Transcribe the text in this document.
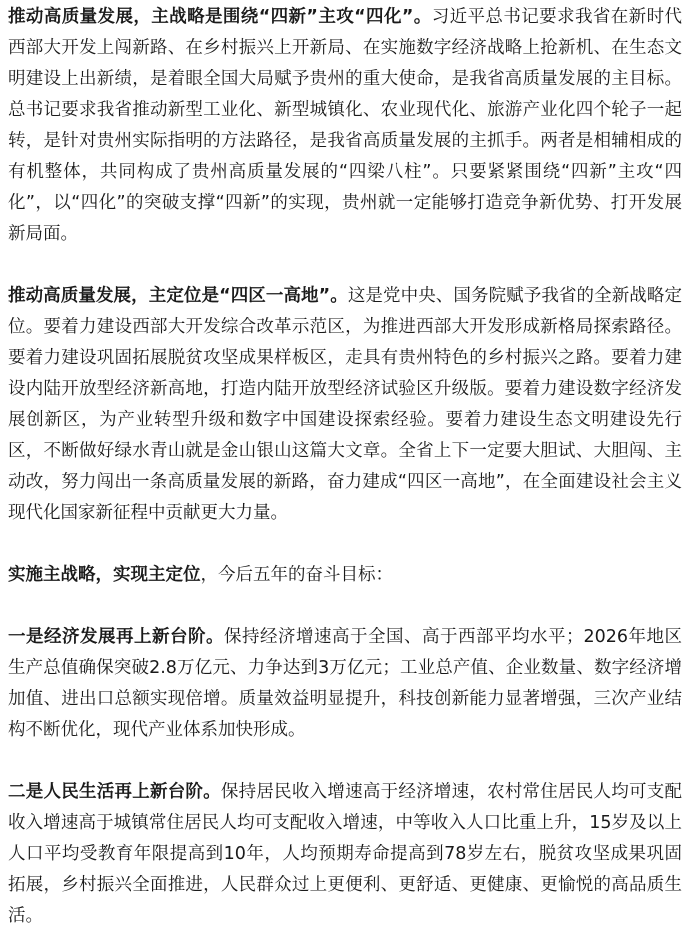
推动高质量发展，主战略是围绕“四新”主攻“四化”。习近平总书记要求我省在新时代西部大开发上闯新路、在乡村振兴上开新局、在实施数字经济战略上抢新机、在生态文明建设上出新绩，是着眼全国大局赋予贵州的重大使命，是我省高质量发展的主目标。总书记要求我省推动新型工业化、新型城镇化、农业现代化、旅游产业化四个轮子一起转，是针对贵州实际指明的方法路径，是我省高质量发展的主抓手。两者是相辅相成的有机整体，共同构成了贵州高质量发展的“四梁八柱”。只要紧紧围绕“四新”主攻“四化”，以“四化”的突破支撑“四新”的实现，贵州就一定能够打造竞争新优势、打开发展新局面。

推动高质量发展，主定位是“四区一高地”。这是党中央、国务院赋予我省的全新战略定位。要着力建设西部大开发综合改革示范区，为推进西部大开发形成新格局探索路径。要着力建设巩固拓展脱贫攻坚成果样板区，走具有贵州特色的乡村振兴之路。要着力建设内陆开放型经济新高地，打造内陆开放型经济试验区升级版。要着力建设数字经济发展创新区，为产业转型升级和数字中国建设探索经验。要着力建设生态文明建设先行区，不断做好绿水青山就是金山银山这篇大文章。全省上下一定要大胆试、大胆闯、主动改，努力闯出一条高质量发展的新路，奋力建成“四区一高地”，在全面建设社会主义现代化国家新征程中贡献更大力量。

实施主战略，实现主定位，今后五年的奋斗目标：

一是经济发展再上新台阶。保持经济增速高于全国、高于西部平均水平；2026年地区生产总值确保突破2.8万亿元、力争达到3万亿元；工业总产值、企业数量、数字经济增加值、进出口总额实现倍增。质量效益明显提升，科技创新能力显著增强，三次产业结构不断优化，现代产业体系加快形成。

二是人民生活再上新台阶。保持居民收入增速高于经济增速，农村常住居民人均可支配收入增速高于城镇常住居民人均可支配收入增速，中等收入人口比重上升，15岁及以上人口平均受教育年限提高到10年，人均预期寿命提高到78岁左右，脱贫攻坚成果巩固拓展，乡村振兴全面推进，人民群众过上更便利、更舒适、更健康、更愉悦的高品质生活。
